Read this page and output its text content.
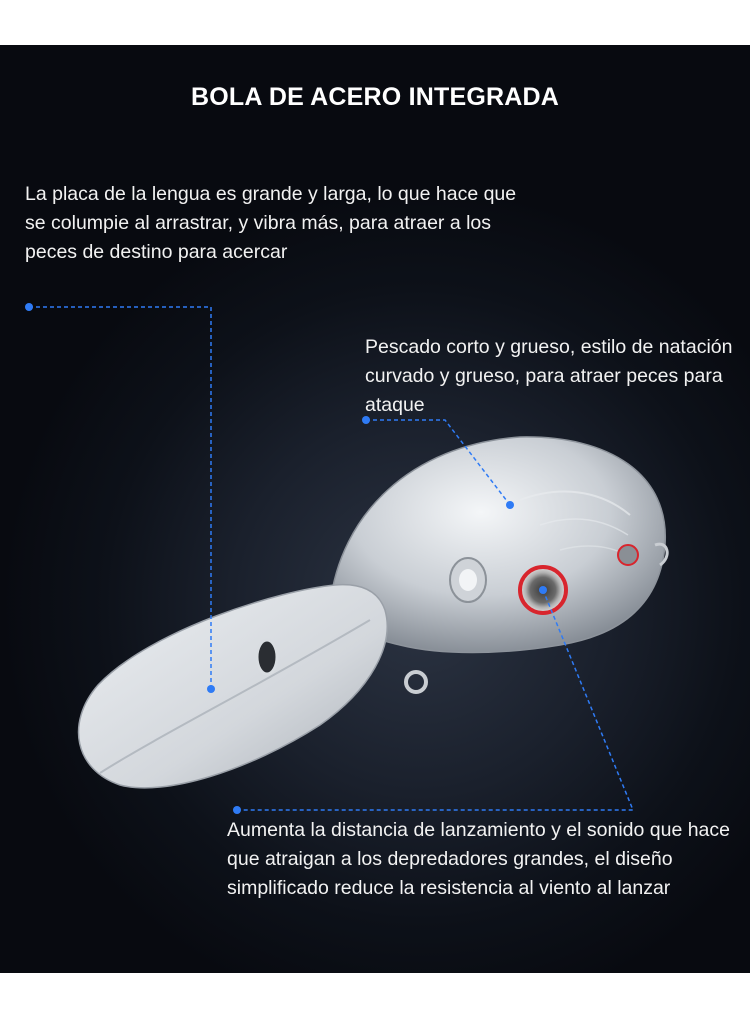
BOLA DE ACERO INTEGRADA
La placa de la lengua es grande y larga, lo que hace que se columpie al arrastrar, y vibra más, para atraer a los peces de destino para acercar
Pescado corto y grueso, estilo de natación curvado y grueso, para atraer peces para ataque
Aumenta la distancia de lanzamiento y el sonido que hace que atraigan a los depredadores grandes, el diseño simplificado reduce la resistencia al viento al lanzar
